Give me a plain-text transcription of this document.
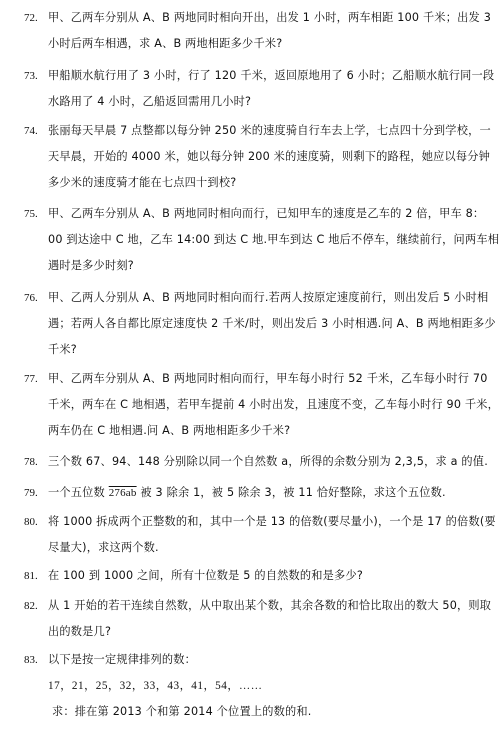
72. 甲、乙两车分别从 A、B 两地同时相向开出，出发 1 小时，两车相距 100 千米；出发 3
小时后两车相遇，求 A、B 两地相距多少千米?
73. 甲船顺水航行用了 3 小时，行了 120 千米，返回原地用了 6 小时；乙船顺水航行同一段
水路用了 4 小时，乙船返回需用几小时?
74. 张丽每天早晨 7 点整都以每分钟 250 米的速度骑自行车去上学，七点四十分到学校，一
天早晨，开始的 4000 米，她以每分钟 200 米的速度骑，则剩下的路程，她应以每分钟
多少米的速度骑才能在七点四十到校?
75. 甲、乙两车分别从 A、B 两地同时相向而行，已知甲车的速度是乙车的 2 倍，甲车 8：
00 到达途中 C 地，乙车 14:00 到达 C 地.甲车到达 C 地后不停车，继续前行，问两车相
遇时是多少时刻?
76. 甲、乙两人分别从 A、B 两地同时相向而行.若两人按原定速度前行，则出发后 5 小时相
遇；若两人各自都比原定速度快 2 千米/时，则出发后 3 小时相遇.问 A、B 两地相距多少
千米?
77. 甲、乙两车分别从 A、B 两地同时相向而行，甲车每小时行 52 千米，乙车每小时行 70
千米，两车在 C 地相遇，若甲车提前 4 小时出发，且速度不变，乙车每小时行 90 千米，
两车仍在 C 地相遇.问 A、B 两地相距多少千米?
78. 三个数 67、94、148 分别除以同一个自然数 a，所得的余数分别为 2,3,5，求 a 的值.
79. 一个五位数 276ab 被 3 除余 1，被 5 除余 3，被 11 恰好整除，求这个五位数.
80. 将 1000 拆成两个正整数的和，其中一个是 13 的倍数(要尽量小)，一个是 17 的倍数(要
尽量大)，求这两个数.
81. 在 100 到 1000 之间，所有十位数是 5 的自然数的和是多少?
82. 从 1 开始的若干连续自然数，从中取出某个数，其余各数的和恰比取出的数大 50，则取
出的数是几?
83. 以下是按一定规律排列的数：
17，21，25，32，33，43，41，54，……
求：排在第 2013 个和第 2014 个位置上的数的和.
